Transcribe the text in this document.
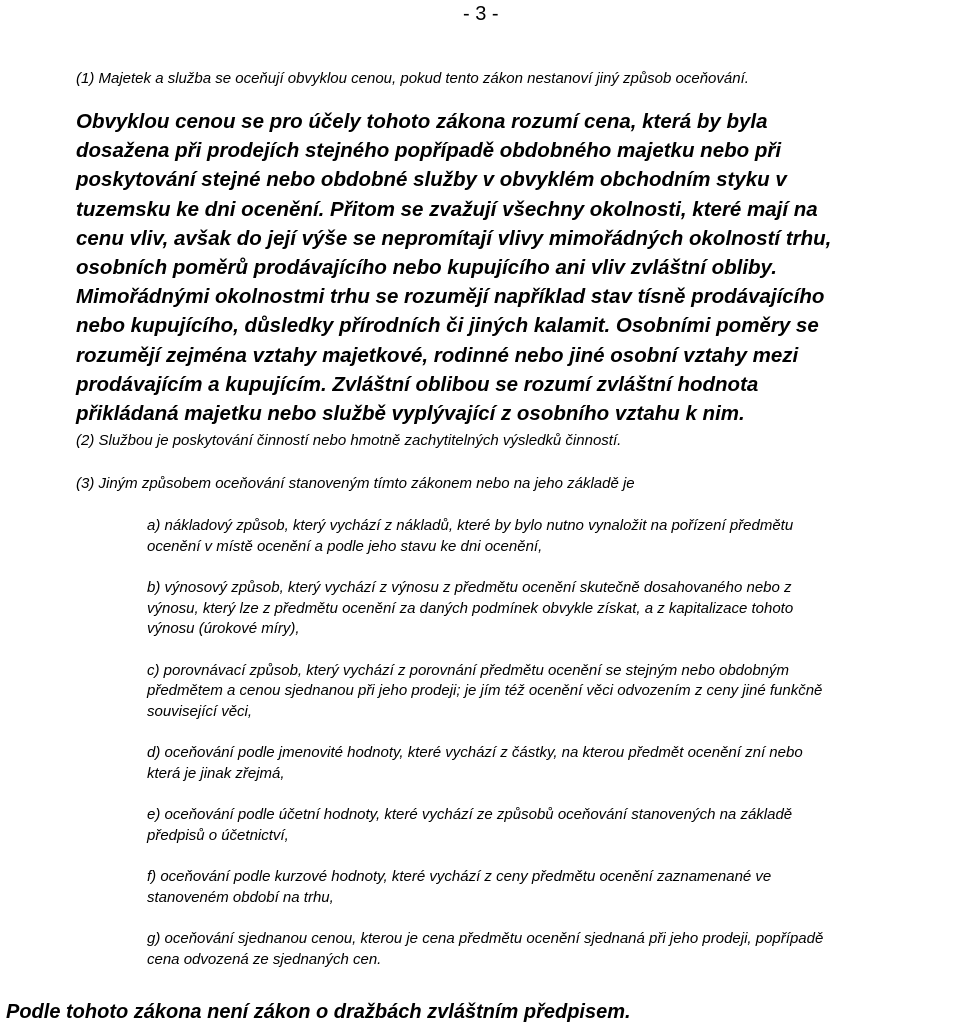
- 3 -
(1) Majetek a služba se oceňují obvyklou cenou, pokud tento zákon nestanoví jiný způsob oceňování.
Obvyklou cenou se pro účely tohoto zákona rozumí cena, která by byla
dosažena při prodejích stejného popřípadě obdobného majetku nebo při
poskytování stejné nebo obdobné služby v obvyklém obchodním styku v
tuzemsku ke dni ocenění. Přitom se zvažují všechny okolnosti, které mají na
cenu vliv, avšak do její výše se nepromítají vlivy mimořádných okolností trhu,
osobních poměrů prodávajícího nebo kupujícího ani vliv zvláštní obliby.
Mimořádnými okolnostmi trhu se rozumějí například stav tísně prodávajícího
nebo kupujícího, důsledky přírodních či jiných kalamit. Osobními poměry se
rozumějí zejména vztahy majetkové, rodinné nebo jiné osobní vztahy mezi
prodávajícím a kupujícím. Zvláštní oblibou se rozumí zvláštní hodnota
přikládaná majetku nebo službě vyplývající z osobního vztahu k nim.
(2) Službou je poskytování činností nebo hmotně zachytitelných výsledků činností.
(3) Jiným způsobem oceňování stanoveným tímto zákonem nebo na jeho základě je
a) nákladový způsob, který vychází z nákladů, které by bylo nutno vynaložit na pořízení předmětu
ocenění v místě ocenění a podle jeho stavu ke dni ocenění,
b) výnosový způsob, který vychází z výnosu z předmětu ocenění skutečně dosahovaného nebo z
výnosu, který lze z předmětu ocenění za daných podmínek obvykle získat, a z kapitalizace tohoto
výnosu (úrokové míry),
c) porovnávací způsob, který vychází z porovnání předmětu ocenění se stejným nebo obdobným
předmětem a cenou sjednanou při jeho prodeji; je jím též ocenění věci odvozením z ceny jiné funkčně
související věci,
d) oceňování podle jmenovité hodnoty, které vychází z částky, na kterou předmět ocenění zní nebo
která je jinak zřejmá,
e) oceňování podle účetní hodnoty, které vychází ze způsobů oceňování stanovených na základě
předpisů o účetnictví,
f) oceňování podle kurzové hodnoty, které vychází z ceny předmětu ocenění zaznamenané ve
stanoveném období na trhu,
g) oceňování sjednanou cenou, kterou je cena předmětu ocenění sjednaná při jeho prodeji, popřípadě
cena odvozená ze sjednaných cen.
Podle tohoto zákona není zákon o dražbách zvláštním předpisem.
